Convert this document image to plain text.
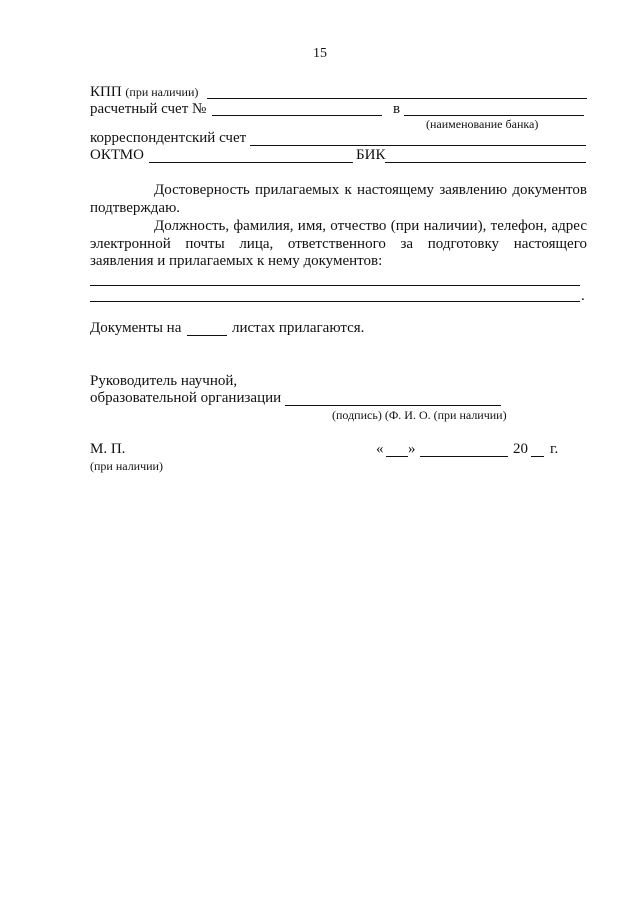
15
КПП (при наличии)
расчетный счет №	в
(наименование банка)
корреспондентский счет
ОКТМО	БИК
Достоверность прилагаемых к настоящему заявлению документов подтверждаю.
Должность, фамилия, имя, отчество (при наличии), телефон, адрес электронной почты лица, ответственного за подготовку настоящего заявления и прилагаемых к нему документов:
.
Документы на	листах прилагаются.
Руководитель научной,
образовательной организации
(подпись) (Ф. И. О. (при наличии)
М. П.
(при наличии)
« »	20 г.
